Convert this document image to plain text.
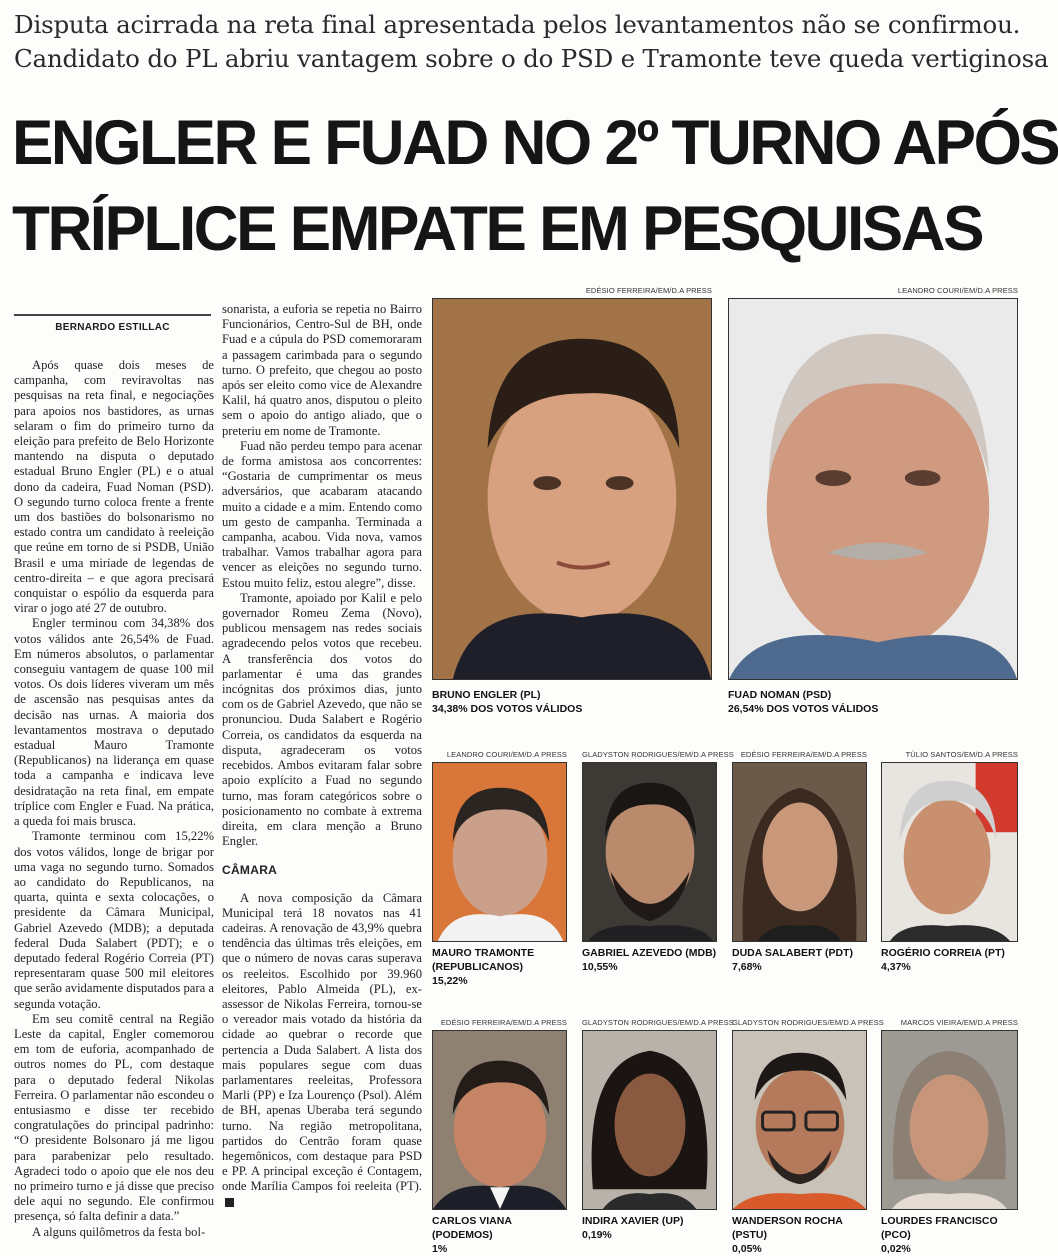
Disputa acirrada na reta final apresentada pelos levantamentos não se confirmou.
Candidato do PL abriu vantagem sobre o do PSD e Tramonte teve queda vertiginosa
ENGLER E FUAD NO 2º TURNO APÓS
TRÍPLICE EMPATE EM PESQUISAS
BERNARDO ESTILLAC

Após quase dois meses de campanha, com reviravoltas nas pesquisas na reta final, e negociações para apoios nos bastidores, as urnas selaram o fim do primeiro turno da eleição para prefeito de Belo Horizonte mantendo na disputa o deputado estadual Bruno Engler (PL) e o atual dono da cadeira, Fuad Noman (PSD). O segundo turno coloca frente a frente um dos bastiões do bolsonarismo no estado contra um candidato à reeleição que reúne em torno de si PSDB, União Brasil e uma miríade de legendas de centro-direita – e que agora precisará conquistar o espólio da esquerda para virar o jogo até 27 de outubro.

Engler terminou com 34,38% dos votos válidos ante 26,54% de Fuad. Em números absolutos, o parlamentar conseguiu vantagem de quase 100 mil votos. Os dois líderes viveram um mês de ascensão nas pesquisas antes da decisão nas urnas. A maioria dos levantamentos mostrava o deputado estadual Mauro Tramonte (Republicanos) na liderança em quase toda a campanha e indicava leve desidratação na reta final, em empate tríplice com Engler e Fuad. Na prática, a queda foi mais brusca.

Tramonte terminou com 15,22% dos votos válidos, longe de brigar por uma vaga no segundo turno. Somados ao candidato do Republicanos, na quarta, quinta e sexta colocações, o presidente da Câmara Municipal, Gabriel Azevedo (MDB); a deputada federal Duda Salabert (PDT); e o deputado federal Rogério Correia (PT) representaram quase 500 mil eleitores que serão avidamente disputados para a segunda votação.

Em seu comitê central na Região Leste da capital, Engler comemorou em tom de euforia, acompanhado de outros nomes do PL, com destaque para o deputado federal Nikolas Ferreira. O parlamentar não escondeu o entusiasmo e disse ter recebido congratulações do principal padrinho: “O presidente Bolsonaro já me ligou para parabenizar pelo resultado. Agradeci todo o apoio que ele nos deu no primeiro turno e já disse que preciso dele aqui no segundo. Ele confirmou presença, só falta definir a data.”

A alguns quilômetros da festa bol-

sonarista, a euforia se repetia no Bairro Funcionários, Centro-Sul de BH, onde Fuad e a cúpula do PSD comemoraram a passagem carimbada para o segundo turno. O prefeito, que chegou ao posto após ser eleito como vice de Alexandre Kalil, há quatro anos, disputou o pleito sem o apoio do antigo aliado, que o preteriu em nome de Tramonte.

Fuad não perdeu tempo para acenar de forma amistosa aos concorrentes: “Gostaria de cumprimentar os meus adversários, que acabaram atacando muito a cidade e a mim. Entendo como um gesto de campanha. Terminada a campanha, acabou. Vida nova, vamos trabalhar. Vamos trabalhar agora para vencer as eleições no segundo turno. Estou muito feliz, estou alegre”, disse.

Tramonte, apoiado por Kalil e pelo governador Romeu Zema (Novo), publicou mensagem nas redes sociais agradecendo pelos votos que recebeu. A transferência dos votos do parlamentar é uma das grandes incógnitas dos próximos dias, junto com os de Gabriel Azevedo, que não se pronunciou. Duda Salabert e Rogério Correia, os candidatos da esquerda na disputa, agradeceram os votos recebidos. Ambos evitaram falar sobre apoio explícito a Fuad no segundo turno, mas foram categóricos sobre o posicionamento no combate à extrema direita, em clara menção a Bruno Engler.

CÂMARA

A nova composição da Câmara Municipal terá 18 novatos nas 41 cadeiras. A renovação de 43,9% quebra tendência das últimas três eleições, em que o número de novas caras superava os reeleitos. Escolhido por 39.960 eleitores, Pablo Almeida (PL), ex-assessor de Nikolas Ferreira, tornou-se o vereador mais votado da história da cidade ao quebrar o recorde que pertencia a Duda Salabert. A lista dos mais populares segue com duas parlamentares reeleitas, Professora Marli (PP) e Iza Lourenço (Psol). Além de BH, apenas Uberaba terá segundo turno. Na região metropolitana, partidos do Centrão foram quase hegemônicos, com destaque para PSD e PP. A principal exceção é Contagem, onde Marília Campos foi reeleita (PT).

EDÉSIO FERREIRA/EM/D.A PRESS
BRUNO ENGLER (PL)
34,38% DOS VOTOS VÁLIDOS
LEANDRO COURI/EM/D.A PRESS
FUAD NOMAN (PSD)
26,54% DOS VOTOS VÁLIDOS
LEANDRO COURI/EM/D.A PRESS
MAURO TRAMONTE (REPUBLICANOS)
15,22%
GLADYSTON RODRIGUES/EM/D.A PRESS
GABRIEL AZEVEDO (MDB)
10,55%
EDÉSIO FERREIRA/EM/D.A PRESS
DUDA SALABERT (PDT)
7,68%
TÚLIO SANTOS/EM/D.A PRESS
ROGÉRIO CORREIA (PT)
4,37%
EDÉSIO FERREIRA/EM/D.A PRESS
CARLOS VIANA (PODEMOS)
1%
GLADYSTON RODRIGUES/EM/D.A PRESS
INDIRA XAVIER (UP)
0,19%
GLADYSTON RODRIGUES/EM/D.A PRESS
WANDERSON ROCHA (PSTU)
0,05%
MARCOS VIEIRA/EM/D.A PRESS
LOURDES FRANCISCO (PCO)
0,02%
